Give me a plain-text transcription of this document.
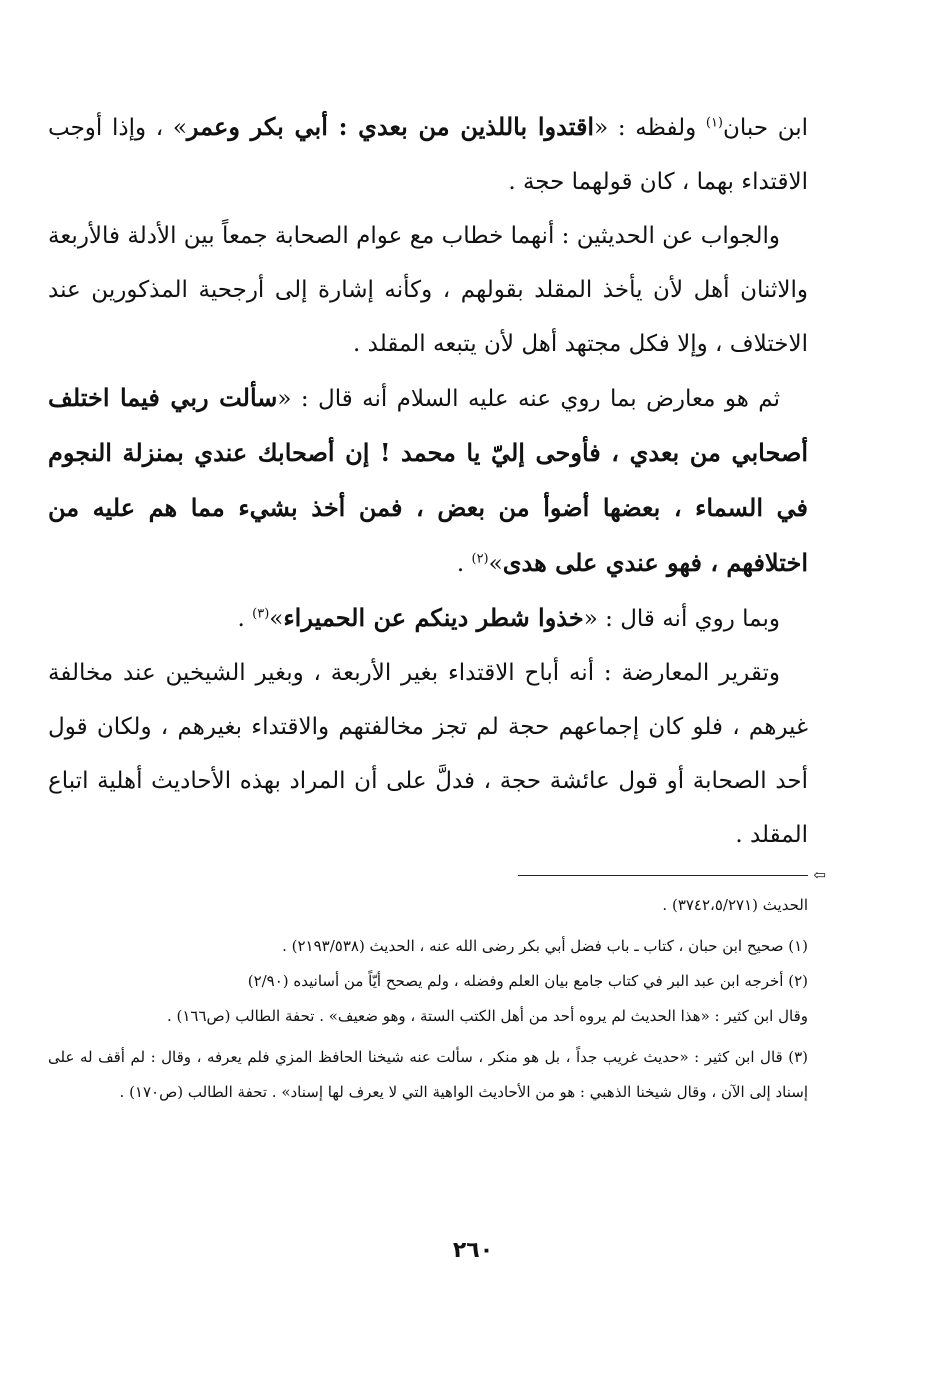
ابن حبان$^{(١)}$ ولفظه : «اقتدوا باللذين من بعدي : أبي بكر وعمر» ، وإذا أوجب الاقتداء بهما ، كان قولهما حجة .

والجواب عن الحديثين : أنهما خطاب مع عوام الصحابة جمعاً بين الأدلة فالأربعة والاثنان أهل لأن يأخذ المقلد بقولهم ، وكأنه إشارة إلى أرجحية المذكورين عند الاختلاف ، وإلا فكل مجتهد أهل لأن يتبعه المقلد .

ثم هو معارض بما روي عنه عليه السلام أنه قال : «سألت ربي فيما اختلف أصحابي من بعدي ، فأوحى إليّ يا محمد ! إن أصحابك عندي بمنزلة النجوم في السماء ، بعضها أضوأ من بعض ، فمن أخذ بشيء مما هم عليه من اختلافهم ، فهو عندي على هدى»$^{(٢)}$ .

وبما روي أنه قال : «خذوا شطر دينكم عن الحميراء»$^{(٣)}$ .

وتقرير المعارضة : أنه أباح الاقتداء بغير الأربعة ، وبغير الشيخين عند مخالفة غيرهم ، فلو كان إجماعهم حجة لم تجز مخالفتهم والاقتداء بغيرهم ، ولكان قول أحد الصحابة أو قول عائشة حجة ، فدلَّ على أن المراد بهذه الأحاديث أهلية اتباع المقلد .

⇦

الحديث (٣٧٤٢،٥/٢٧١) .

(١) صحيح ابن حبان ، كتاب ـ باب فضل أبي بكر رضى الله عنه ، الحديث (٢١٩٣/٥٣٨) .

(٢) أخرجه ابن عبد البر في كتاب جامع بيان العلم وفضله ، ولم يصحح أيّاً من أسانيده (٢/٩٠)

وقال ابن كثير : «هذا الحديث لم يروه أحد من أهل الكتب الستة ، وهو ضعيف» . تحفة الطالب (ص١٦٦) .

(٣) قال ابن كثير : «حديث غريب جداً ، بل هو منكر ، سألت عنه شيخنا الحافظ المزي فلم يعرفه ، وقال : لم أقف له على إسناد إلى الآن ، وقال شيخنا الذهبي : هو من الأحاديث الواهية التي لا يعرف لها إسناد» . تحفة الطالب (ص١٧٠) .

٢٦٠
